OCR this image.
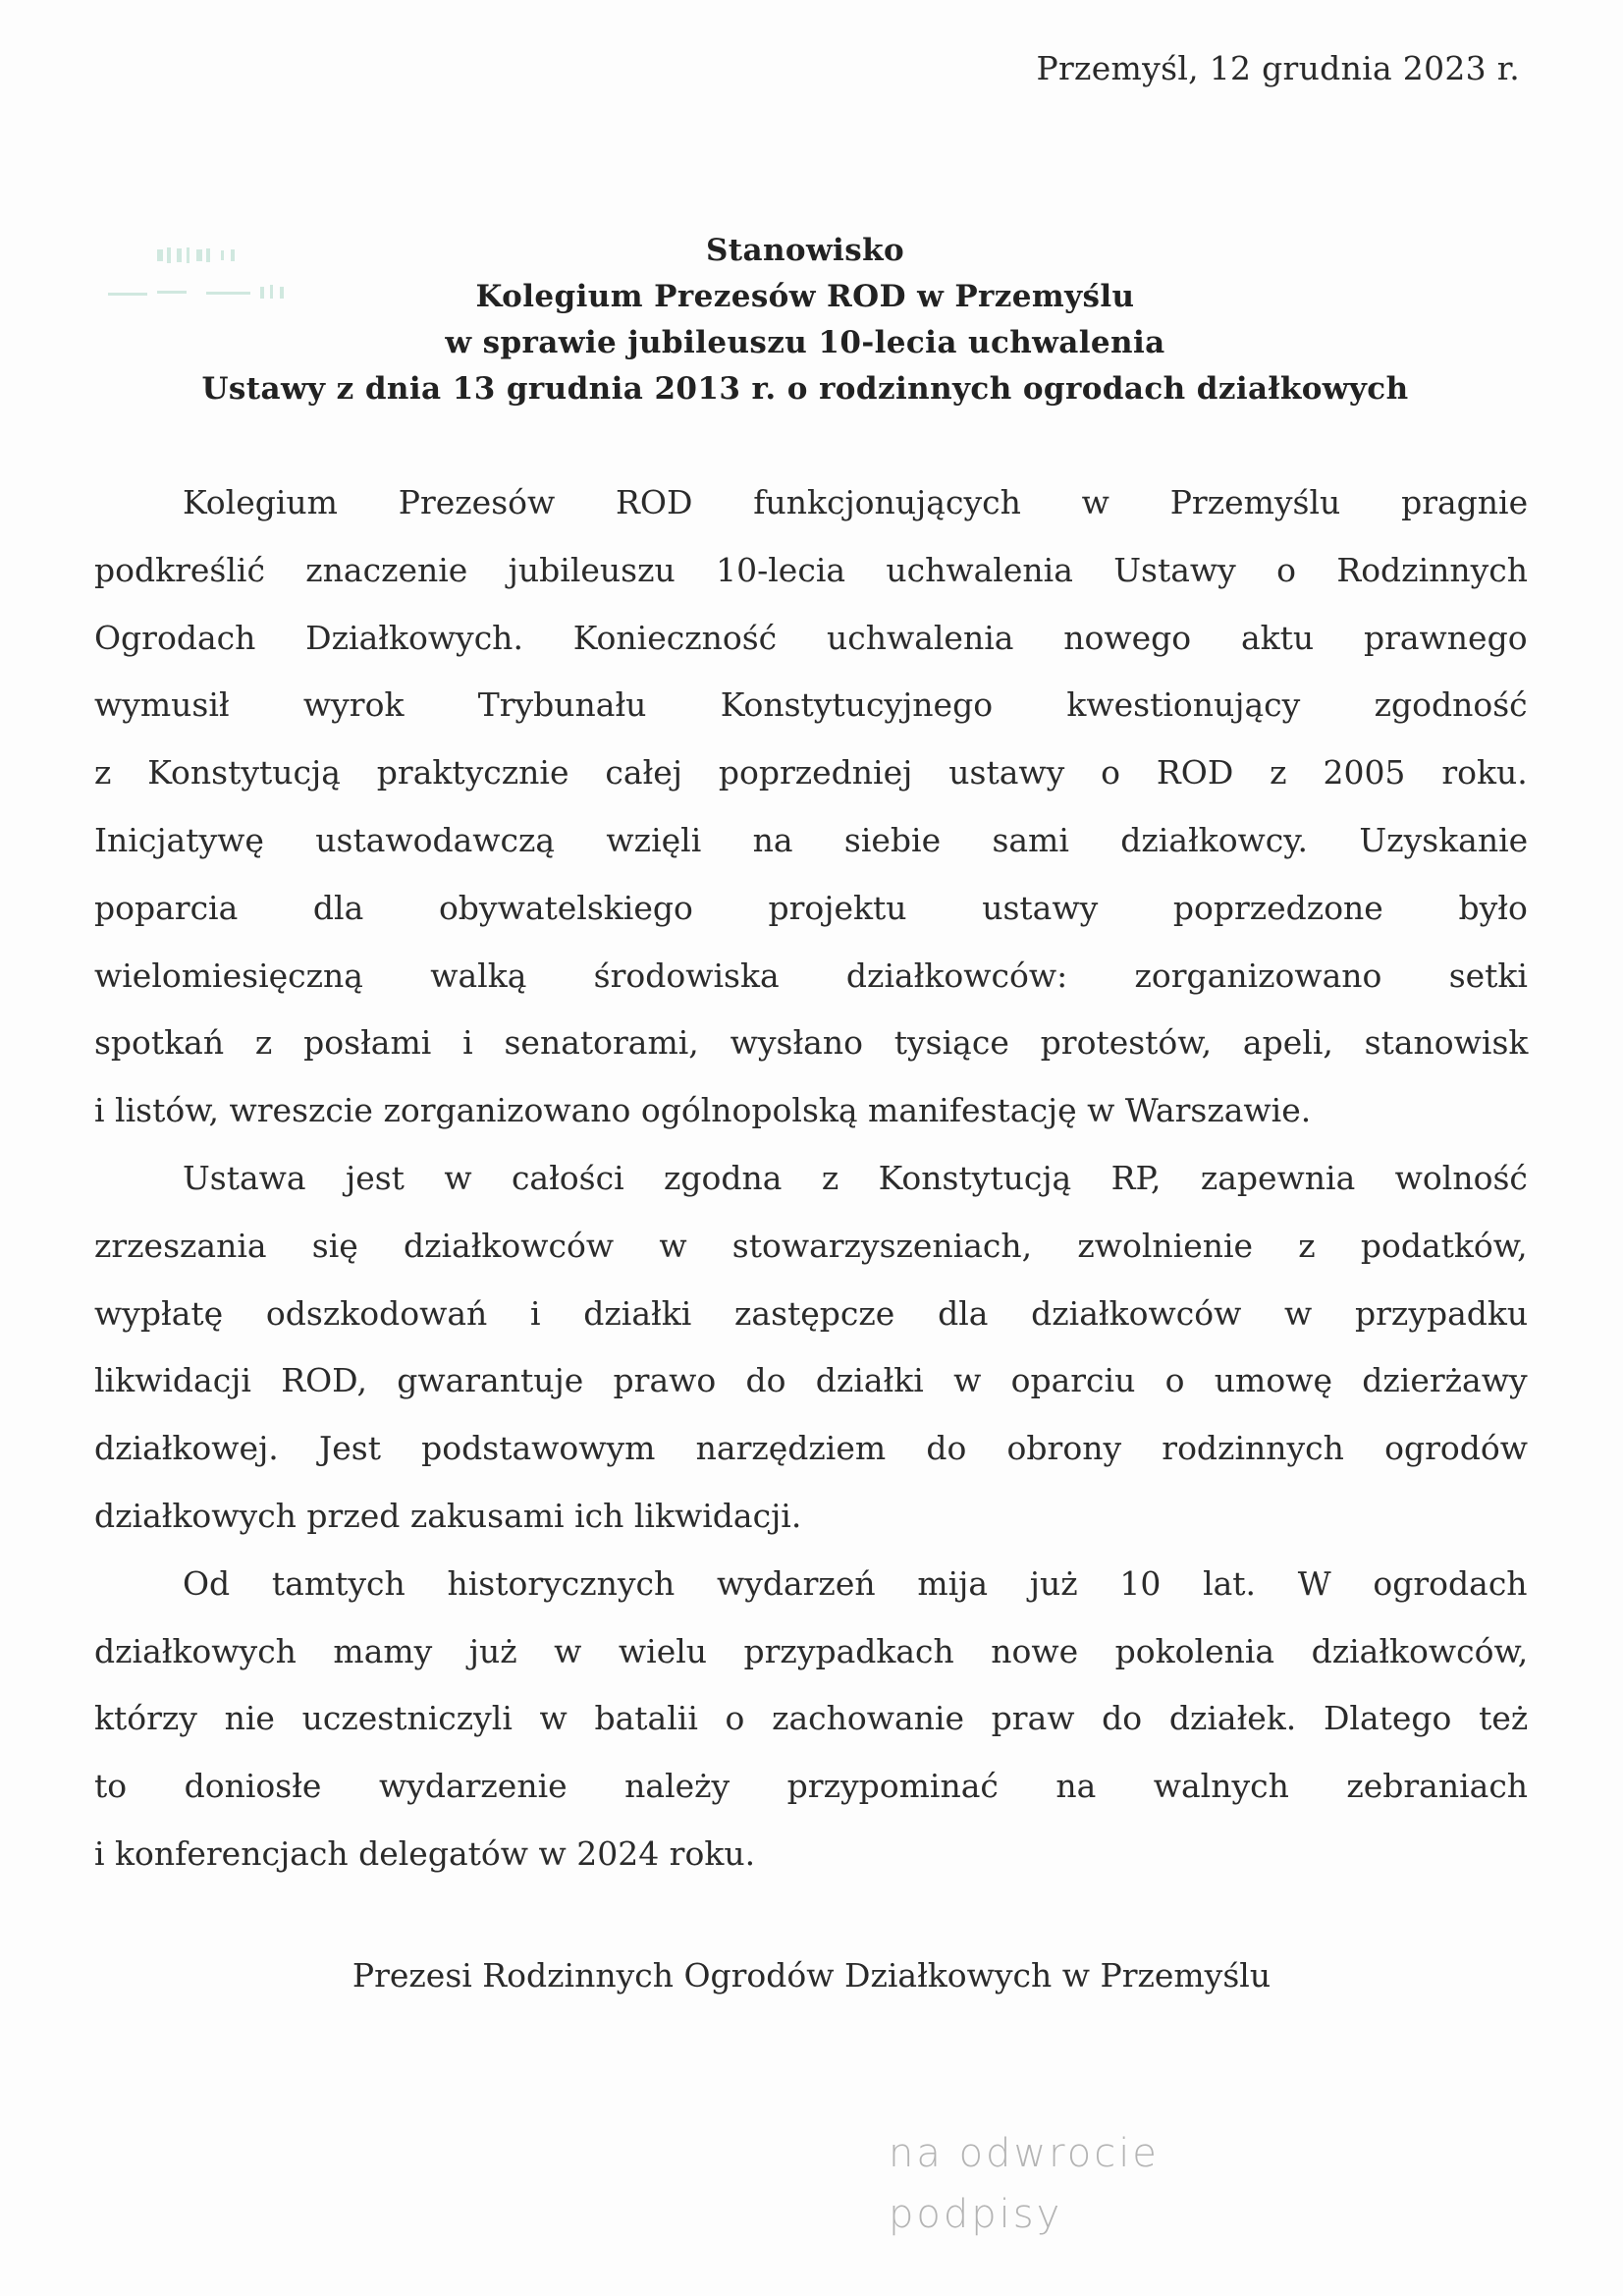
Przemyśl, 12 grudnia 2023 r.
Stanowisko
Kolegium Prezesów ROD w Przemyślu
w sprawie jubileuszu 10-lecia uchwalenia
Ustawy z dnia 13 grudnia 2013 r. o rodzinnych ogrodach działkowych
Kolegium Prezesów ROD funkcjonujących w Przemyślu pragnie
podkreślić znaczenie jubileuszu 10-lecia uchwalenia Ustawy o Rodzinnych
Ogrodach Działkowych. Konieczność uchwalenia nowego aktu prawnego
wymusił wyrok Trybunału Konstytucyjnego kwestionujący zgodność
z Konstytucją praktycznie całej poprzedniej ustawy o ROD z 2005 roku.
Inicjatywę ustawodawczą wzięli na siebie sami działkowcy. Uzyskanie
poparcia dla obywatelskiego projektu ustawy poprzedzone było
wielomiesięczną walką środowiska działkowców: zorganizowano setki
spotkań z posłami i senatorami, wysłano tysiące protestów, apeli, stanowisk
i listów, wreszcie zorganizowano ogólnopolską manifestację w Warszawie.
Ustawa jest w całości zgodna z Konstytucją RP, zapewnia wolność
zrzeszania się działkowców w stowarzyszeniach, zwolnienie z podatków,
wypłatę odszkodowań i działki zastępcze dla działkowców w przypadku
likwidacji ROD, gwarantuje prawo do działki w oparciu o umowę dzierżawy
działkowej. Jest podstawowym narzędziem do obrony rodzinnych ogrodów
działkowych przed zakusami ich likwidacji.
Od tamtych historycznych wydarzeń mija już 10 lat. W ogrodach
działkowych mamy już w wielu przypadkach nowe pokolenia działkowców,
którzy nie uczestniczyli w batalii o zachowanie praw do działek. Dlatego też
to doniosłe wydarzenie należy przypominać na walnych zebraniach
i konferencjach delegatów w 2024 roku.
Prezesi Rodzinnych Ogrodów Działkowych w Przemyślu
na odwrocie podpisy
